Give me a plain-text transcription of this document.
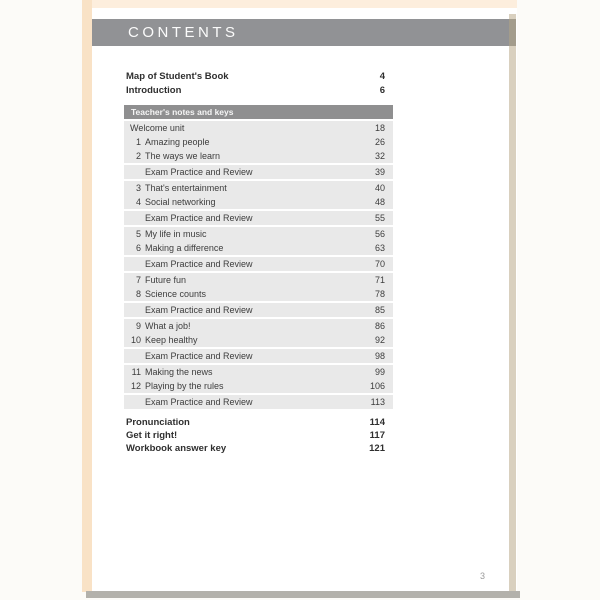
CONTENTS
Map of Student's Book	4
Introduction	6
Teacher's notes and keys
Welcome unit	18
1 Amazing people	26
2 The ways we learn	32
Exam Practice and Review	39
3 That's entertainment	40
4 Social networking	48
Exam Practice and Review	55
5 My life in music	56
6 Making a difference	63
Exam Practice and Review	70
7 Future fun	71
8 Science counts	78
Exam Practice and Review	85
9 What a job!	86
10 Keep healthy	92
Exam Practice and Review	98
11 Making the news	99
12 Playing by the rules	106
Exam Practice and Review	113
Pronunciation	114
Get it right!	117
Workbook answer key	121
3
